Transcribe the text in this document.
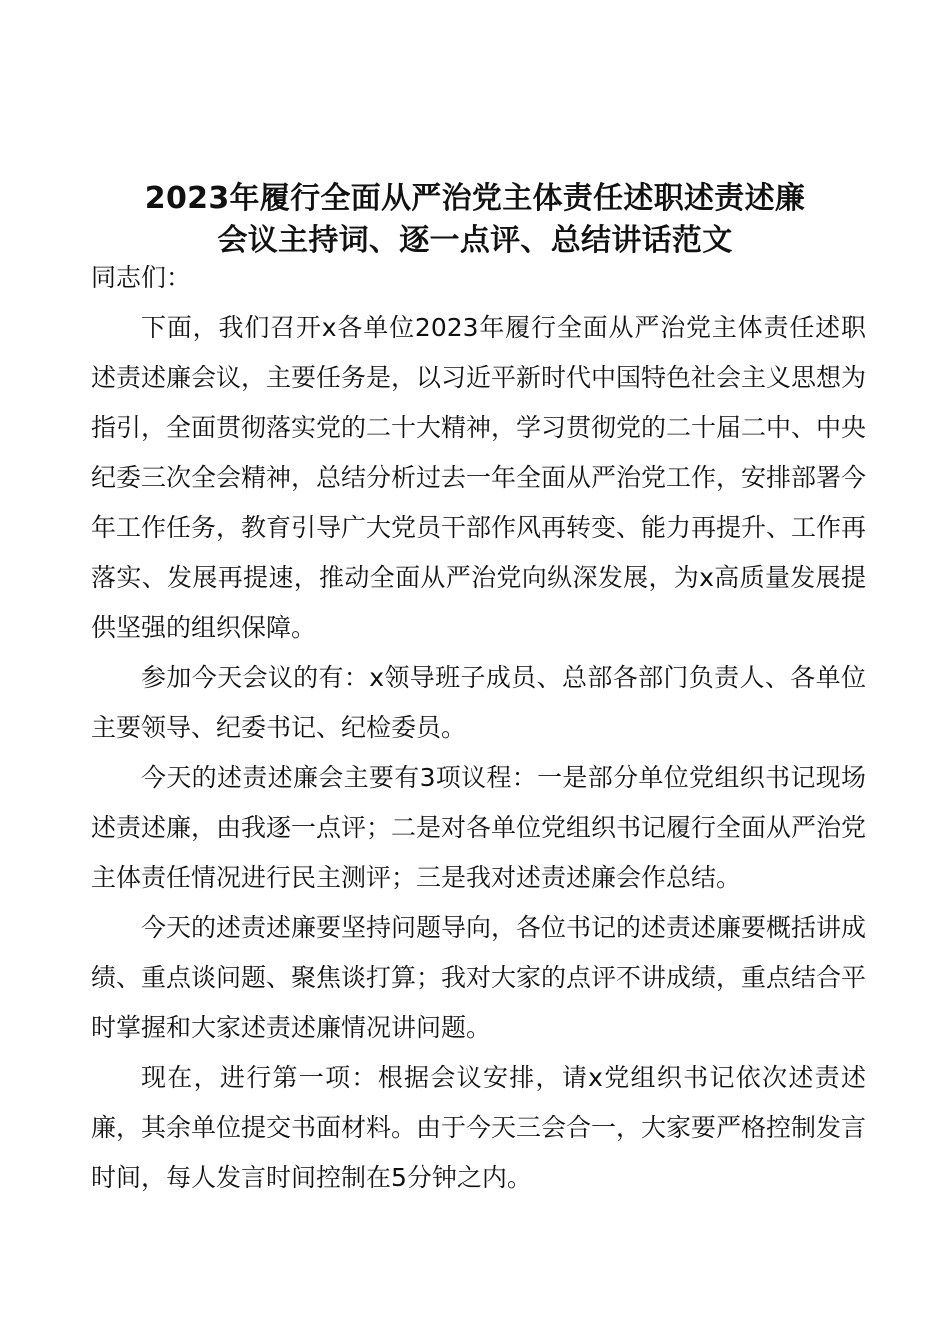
2023年履行全面从严治党主体责任述职述责述廉
会议主持词、逐一点评、总结讲话范文

同志们：

下面，我们召开x各单位2023年履行全面从严治党主体责任述职述责述廉会议，主要任务是，以习近平新时代中国特色社会主义思想为指引，全面贯彻落实党的二十大精神，学习贯彻党的二十届二中、中央纪委三次全会精神，总结分析过去一年全面从严治党工作，安排部署今年工作任务，教育引导广大党员干部作风再转变、能力再提升、工作再落实、发展再提速，推动全面从严治党向纵深发展，为x高质量发展提供坚强的组织保障。

参加今天会议的有：x领导班子成员、总部各部门负责人、各单位主要领导、纪委书记、纪检委员。

今天的述责述廉会主要有3项议程：一是部分单位党组织书记现场述责述廉，由我逐一点评；二是对各单位党组织书记履行全面从严治党主体责任情况进行民主测评；三是我对述责述廉会作总结。

今天的述责述廉要坚持问题导向，各位书记的述责述廉要概括讲成绩、重点谈问题、聚焦谈打算；我对大家的点评不讲成绩，重点结合平时掌握和大家述责述廉情况讲问题。

现在，进行第一项：根据会议安排，请x党组织书记依次述责述廉，其余单位提交书面材料。由于今天三会合一，大家要严格控制发言时间，每人发言时间控制在5分钟之内。
